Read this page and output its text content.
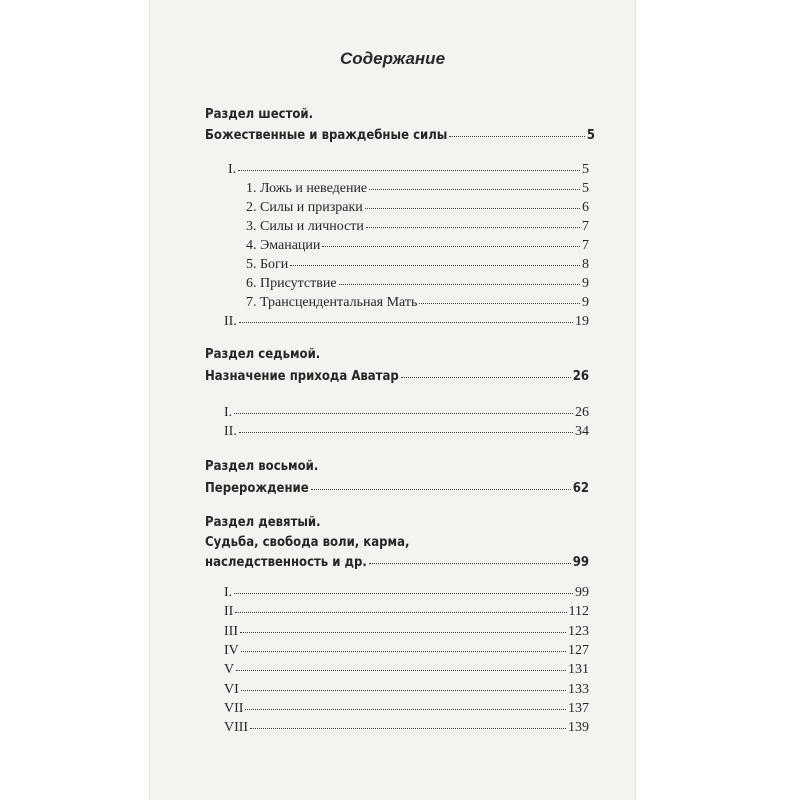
Содержание
Раздел шестой.
Божественные и враждебные силы	5
I.	5
1. Ложь и неведение	5
2. Силы и призраки	6
3. Силы и личности	7
4. Эманации	7
5. Боги	8
6. Присутствие	9
7. Трансцендентальная Мать	9
II.	19
Раздел седьмой.
Назначение прихода Аватар	26
I.	26
II.	34
Раздел восьмой.
Перерождение	62
Раздел девятый.
Судьба, свобода воли, карма,
наследственность и др.	99
I.	99
II	112
III	123
IV	127
V	131
VI	133
VII	137
VIII	139
